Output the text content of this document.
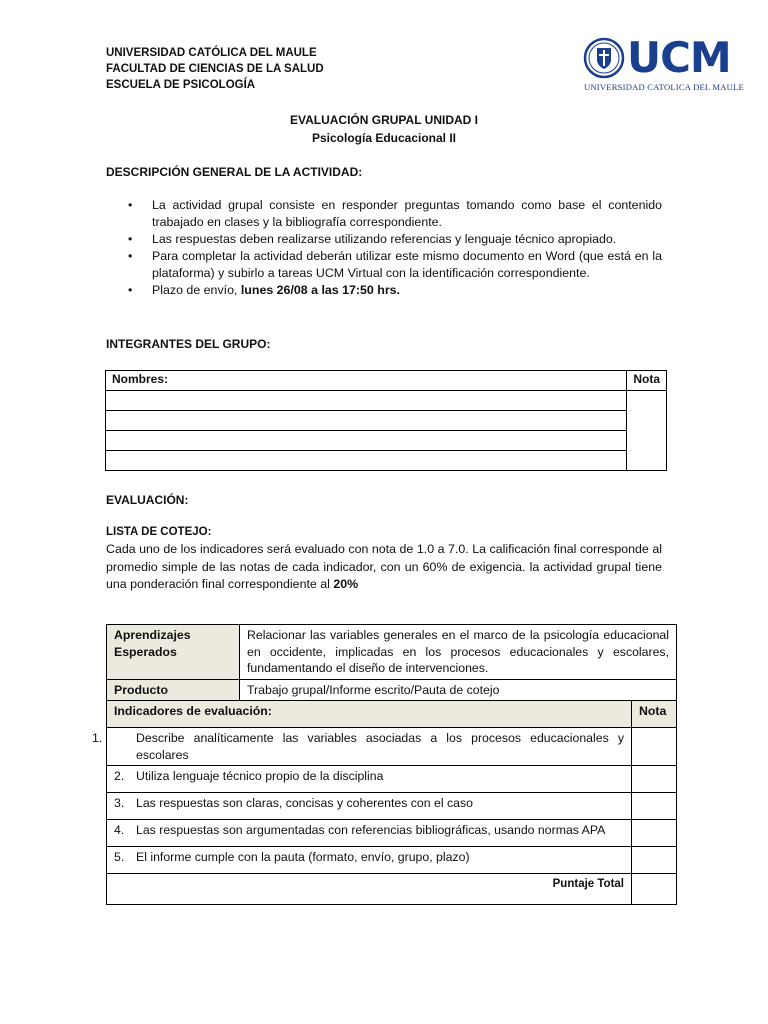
UNIVERSIDAD CATÓLICA DEL MAULE
FACULTAD DE CIENCIAS DE LA SALUD
ESCUELA DE PSICOLOGÍA
UCM
UNIVERSIDAD CATOLICA DEL MAULE
EVALUACIÓN GRUPAL UNIDAD I
Psicología Educacional II
DESCRIPCIÓN GENERAL DE LA ACTIVIDAD:
• La actividad grupal consiste en responder preguntas tomando como base el contenido trabajado en clases y la bibliografía correspondiente.
• Las respuestas deben realizarse utilizando referencias y lenguaje técnico apropiado.
• Para completar la actividad deberán utilizar este mismo documento en Word (que está en la plataforma) y subirlo a tareas UCM Virtual con la identificación correspondiente.
• Plazo de envío, lunes 26/08 a las 17:50 hrs.
INTEGRANTES DEL GRUPO:
Nombres:	Nota

EVALUACIÓN:
LISTA DE COTEJO:
Cada uno de los indicadores será evaluado con nota de 1.0 a 7.0. La calificación final corresponde al promedio simple de las notas de cada indicador, con un 60% de exigencia. la actividad grupal tiene una ponderación final correspondiente al 20%
Aprendizajes Esperados	Relacionar las variables generales en el marco de la psicología educacional en occidente, implicadas en los procesos educacionales y escolares, fundamentando el diseño de intervenciones.	
Producto	Trabajo grupal/Informe escrito/Pauta de cotejo	
Indicadores de evaluación:		Nota
1. Describe analíticamente las variables asociadas a los procesos educacionales y escolares		
2. Utiliza lenguaje técnico propio de la disciplina		
3. Las respuestas son claras, concisas y coherentes con el caso		
4. Las respuestas son argumentadas con referencias bibliográficas, usando normas APA		
5. El informe cumple con la pauta (formato, envío, grupo, plazo)		
Puntaje Total		
